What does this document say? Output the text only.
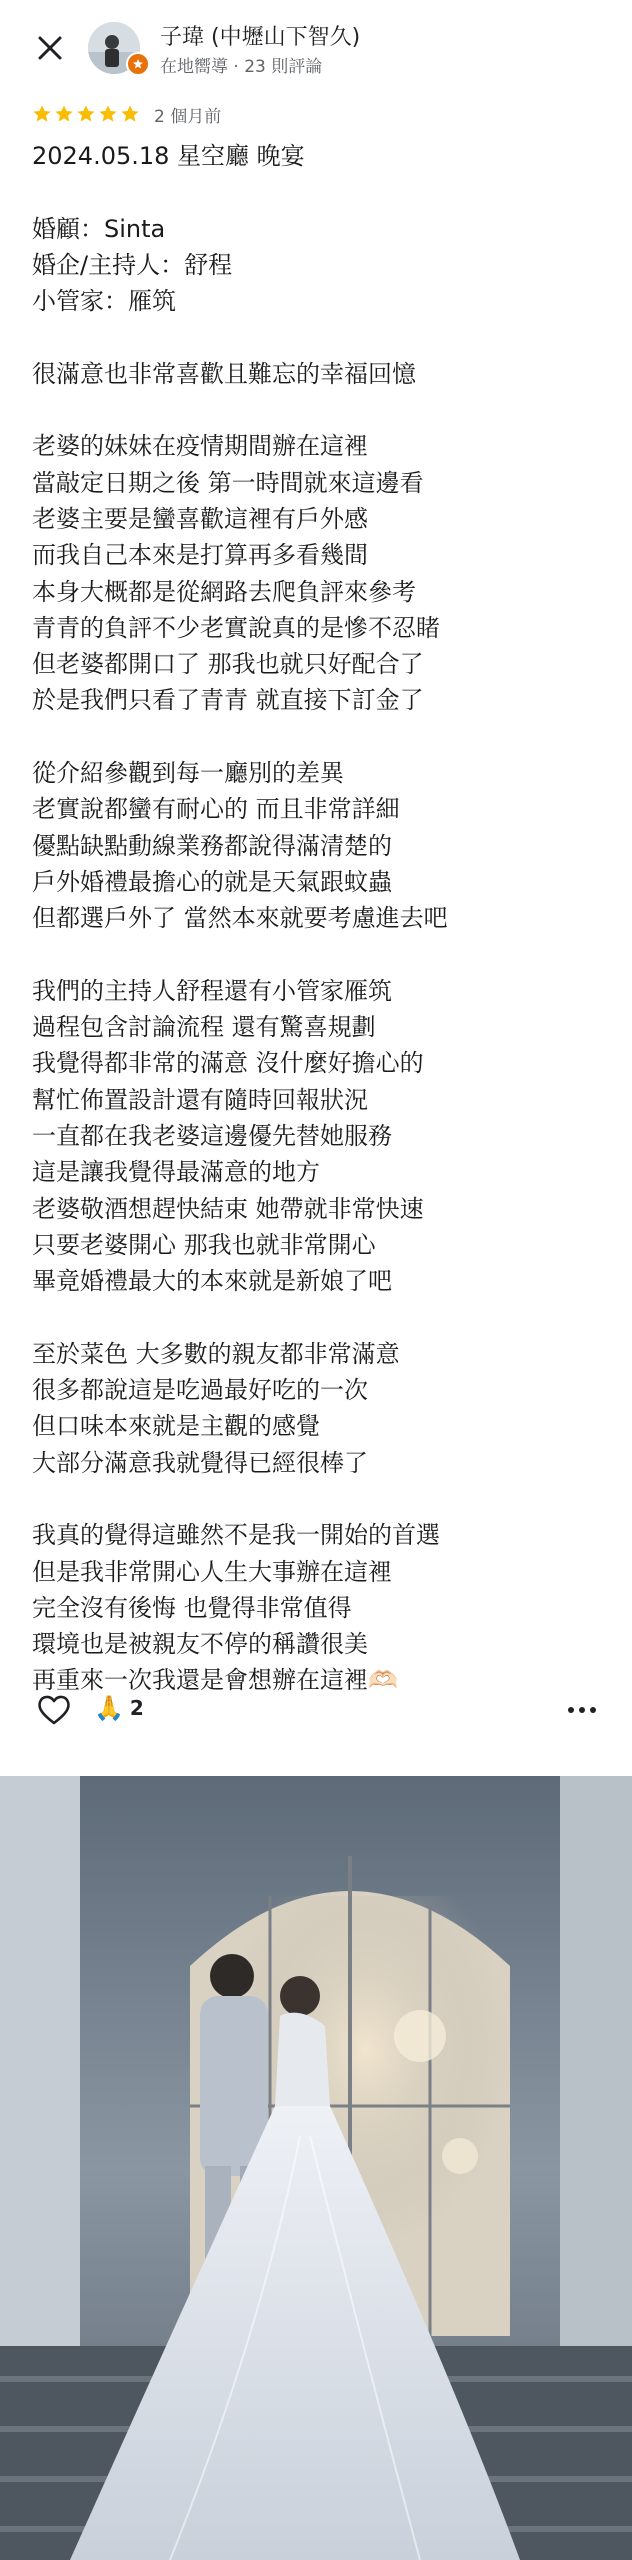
子瑋 (中壢山下智久)
在地嚮導 · 23 則評論
2 個月前
2024.05.18 星空廳 晚宴
婚顧：Sinta
婚企/主持人：舒程
小管家：雁筑
很滿意也非常喜歡且難忘的幸福回憶
老婆的妹妹在疫情期間辦在這裡
當敲定日期之後 第一時間就來這邊看
老婆主要是蠻喜歡這裡有戶外感
而我自己本來是打算再多看幾間
本身大概都是從網路去爬負評來參考
青青的負評不少老實說真的是慘不忍睹
但老婆都開口了 那我也就只好配合了
於是我們只看了青青 就直接下訂金了
從介紹參觀到每一廳別的差異
老實說都蠻有耐心的 而且非常詳細
優點缺點動線業務都說得滿清楚的
戶外婚禮最擔心的就是天氣跟蚊蟲
但都選戶外了 當然本來就要考慮進去吧
我們的主持人舒程還有小管家雁筑
過程包含討論流程 還有驚喜規劃
我覺得都非常的滿意 沒什麼好擔心的
幫忙佈置設計還有隨時回報狀況
一直都在我老婆這邊優先替她服務
這是讓我覺得最滿意的地方
老婆敬酒想趕快結束 她帶就非常快速
只要老婆開心 那我也就非常開心
畢竟婚禮最大的本來就是新娘了吧
至於菜色 大多數的親友都非常滿意
很多都說這是吃過最好吃的一次
但口味本來就是主觀的感覺
大部分滿意我就覺得已經很棒了
我真的覺得這雖然不是我一開始的首選
但是我非常開心人生大事辦在這裡
完全沒有後悔 也覺得非常值得
環境也是被親友不停的稱讚很美
再重來一次我還是會想辦在這裡🫶🏻
🙏 2
